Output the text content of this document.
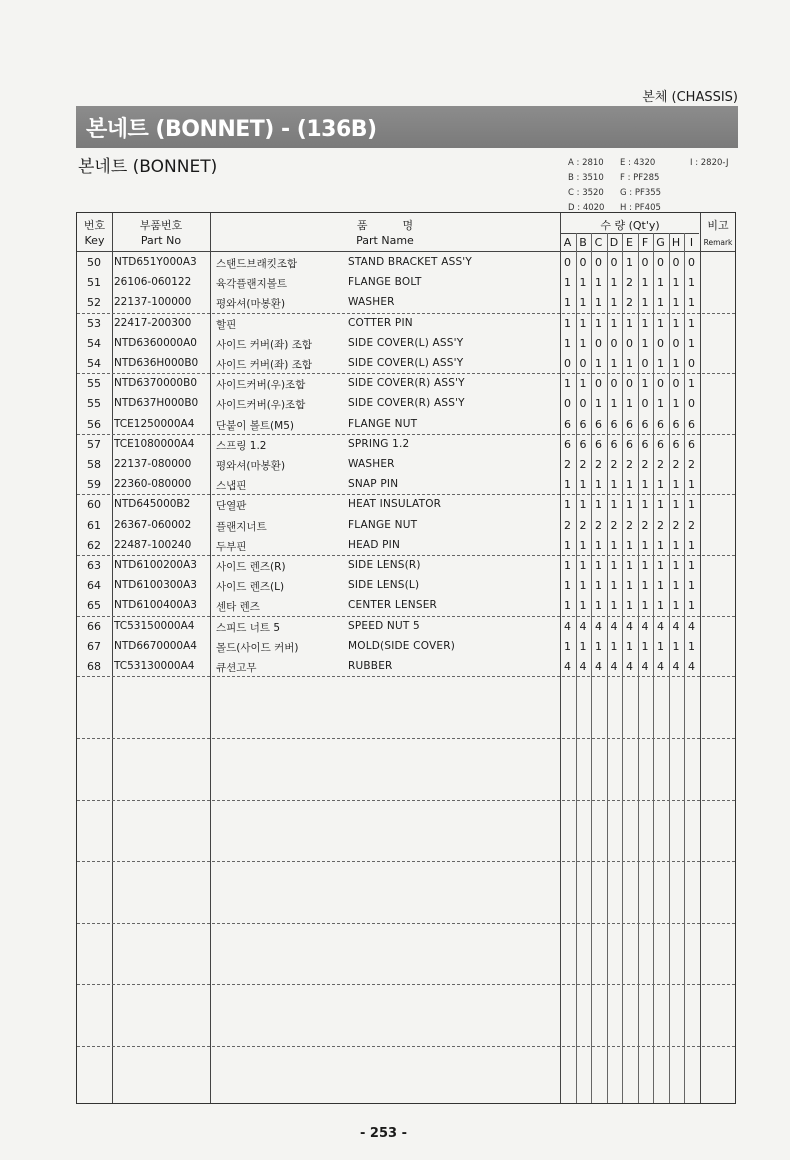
본체 (CHASSIS)
본네트 (BONNET) - (136B)
본네트 (BONNET)	A : 2810 E : 4320	I : 2820-J
B : 3510 F : PF285
C : 3520 G : PF355
D : 4020 H : PF405
번호
Key
부품번호
Part No
품          명
Part Name
수 량 (Qt'y)	비고
Remark
A B C D E F G H I
50	NTD651Y000A3 스탠드브래킷조합	STAND BRACKET ASS'Y	0 0 0 0 1 0 0 0 0
51	26106-060122 육각플랜지볼트	FLANGE BOLT	1 1 1 1 2 1 1 1 1
52	22137-100000 평와셔(마봉환)	WASHER	1 1 1 1 2 1 1 1 1
53	22417-200300 할핀	COTTER PIN	1 1 1 1 1 1 1 1 1
54	NTD6360000A0 사이드 커버(좌) 조합	SIDE COVER(L) ASS'Y	1 1 0 0 0 1 0 0 1
54	NTD636H000B0 사이드 커버(좌) 조합	SIDE COVER(L) ASS'Y	0 0 1 1 1 0 1 1 0
55	NTD6370000B0 사이드커버(우)조합	SIDE COVER(R) ASS'Y	1 1 0 0 0 1 0 0 1
55	NTD637H000B0 사이드커버(우)조합	SIDE COVER(R) ASS'Y	0 0 1 1 1 0 1 1 0
56	TCE1250000A4 단붙이 볼트(M5)	FLANGE NUT	6 6 6 6 6 6 6 6 6
57	TCE1080000A4 스프링 1.2	SPRING 1.2	6 6 6 6 6 6 6 6 6
58	22137-080000 평와셔(마봉환)	WASHER	2 2 2 2 2 2 2 2 2
59	22360-080000 스냅핀	SNAP PIN	1 1 1 1 1 1 1 1 1
60	NTD645000B2 단열판	HEAT INSULATOR	1 1 1 1 1 1 1 1 1
61	26367-060002 플랜지너트	FLANGE NUT	2 2 2 2 2 2 2 2 2
62	22487-100240 두부핀	HEAD PIN	1 1 1 1 1 1 1 1 1
63	NTD6100200A3 사이드 렌즈(R)	SIDE LENS(R)	1 1 1 1 1 1 1 1 1
64	NTD6100300A3 사이드 렌즈(L)	SIDE LENS(L)	1 1 1 1 1 1 1 1 1
65	NTD6100400A3 센타 렌즈	CENTER LENSER	1 1 1 1 1 1 1 1 1
66	TC53150000A4 스피드 너트 5	SPEED NUT 5	4 4 4 4 4 4 4 4 4
67	NTD6670000A4 몰드(사이드 커버)	MOLD(SIDE COVER)	1 1 1 1 1 1 1 1 1
68	TC53130000A4 큐션고무	RUBBER	4 4 4 4 4 4 4 4 4
- 253 -
